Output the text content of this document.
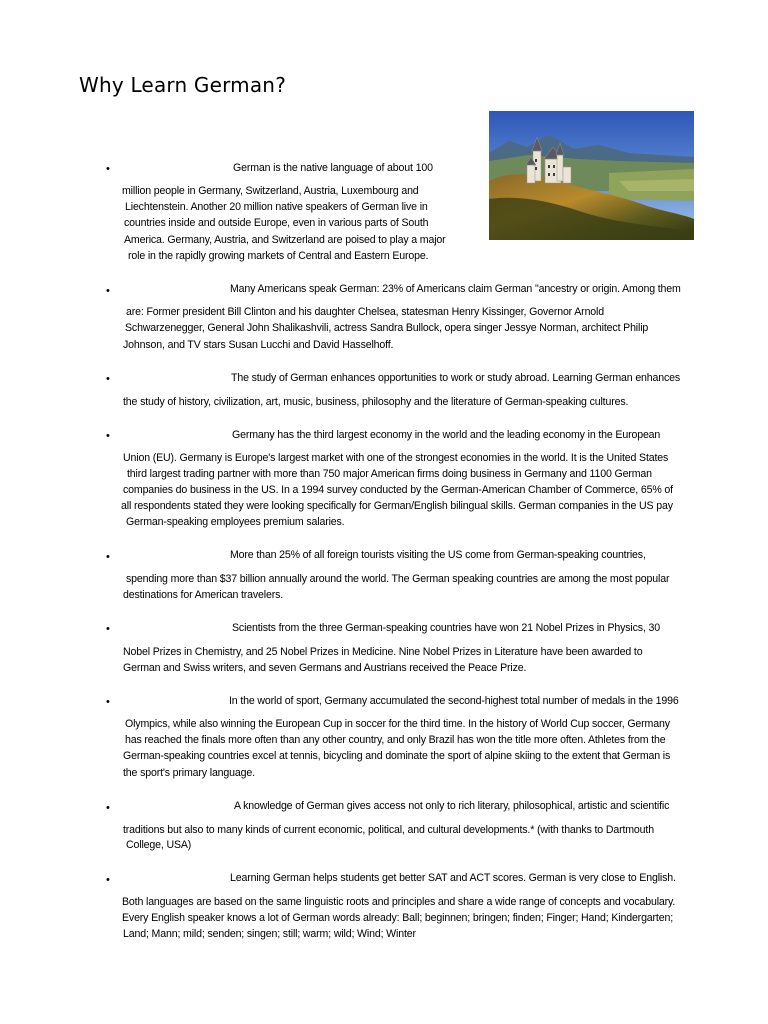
Why Learn German?
•	German is the native language of about 100
million people in Germany, Switzerland, Austria, Luxembourg and
Liechtenstein. Another 20 million native speakers of German live in
countries inside and outside Europe, even in various parts of South
America. Germany, Austria, and Switzerland are poised to play a major
role in the rapidly growing markets of Central and Eastern Europe.
•	Many Americans speak German: 23% of Americans claim German "ancestry or origin. Among them
are: Former president Bill Clinton and his daughter Chelsea, statesman Henry Kissinger, Governor Arnold
Schwarzenegger, General John Shalikashvili, actress Sandra Bullock, opera singer Jessye Norman, architect Philip
Johnson, and TV stars Susan Lucchi and David Hasselhoff.
•	The study of German enhances opportunities to work or study abroad. Learning German enhances
the study of history, civilization, art, music, business, philosophy and the literature of German-speaking cultures.
•	Germany has the third largest economy in the world and the leading economy in the European
Union (EU). Germany is Europe's largest market with one of the strongest economies in the world. It is the United States
third largest trading partner with more than 750 major American firms doing business in Germany and 1100 German
companies do business in the US. In a 1994 survey conducted by the German-American Chamber of Commerce, 65% of
all respondents stated they were looking specifically for German/English bilingual skills. German companies in the US pay
German-speaking employees premium salaries.
•	More than 25% of all foreign tourists visiting the US come from German-speaking countries,
spending more than $37 billion annually around the world. The German speaking countries are among the most popular
destinations for American travelers.
•	Scientists from the three German-speaking countries have won 21 Nobel Prizes in Physics, 30
Nobel Prizes in Chemistry, and 25 Nobel Prizes in Medicine. Nine Nobel Prizes in Literature have been awarded to
German and Swiss writers, and seven Germans and Austrians received the Peace Prize.
•	In the world of sport, Germany accumulated the second-highest total number of medals in the 1996
Olympics, while also winning the European Cup in soccer for the third time. In the history of World Cup soccer, Germany
has reached the finals more often than any other country, and only Brazil has won the title more often. Athletes from the
German-speaking countries excel at tennis, bicycling and dominate the sport of alpine skiing to the extent that German is
the sport's primary language.
•	A knowledge of German gives access not only to rich literary, philosophical, artistic and scientific
traditions but also to many kinds of current economic, political, and cultural developments.* (with thanks to Dartmouth
College, USA)
•	Learning German helps students get better SAT and ACT scores. German is very close to English.
Both languages are based on the same linguistic roots and principles and share a wide range of concepts and vocabulary.
Every English speaker knows a lot of German words already: Ball; beginnen; bringen; finden; Finger; Hand; Kindergarten;
Land; Mann; mild; senden; singen; still; warm; wild; Wind; Winter
